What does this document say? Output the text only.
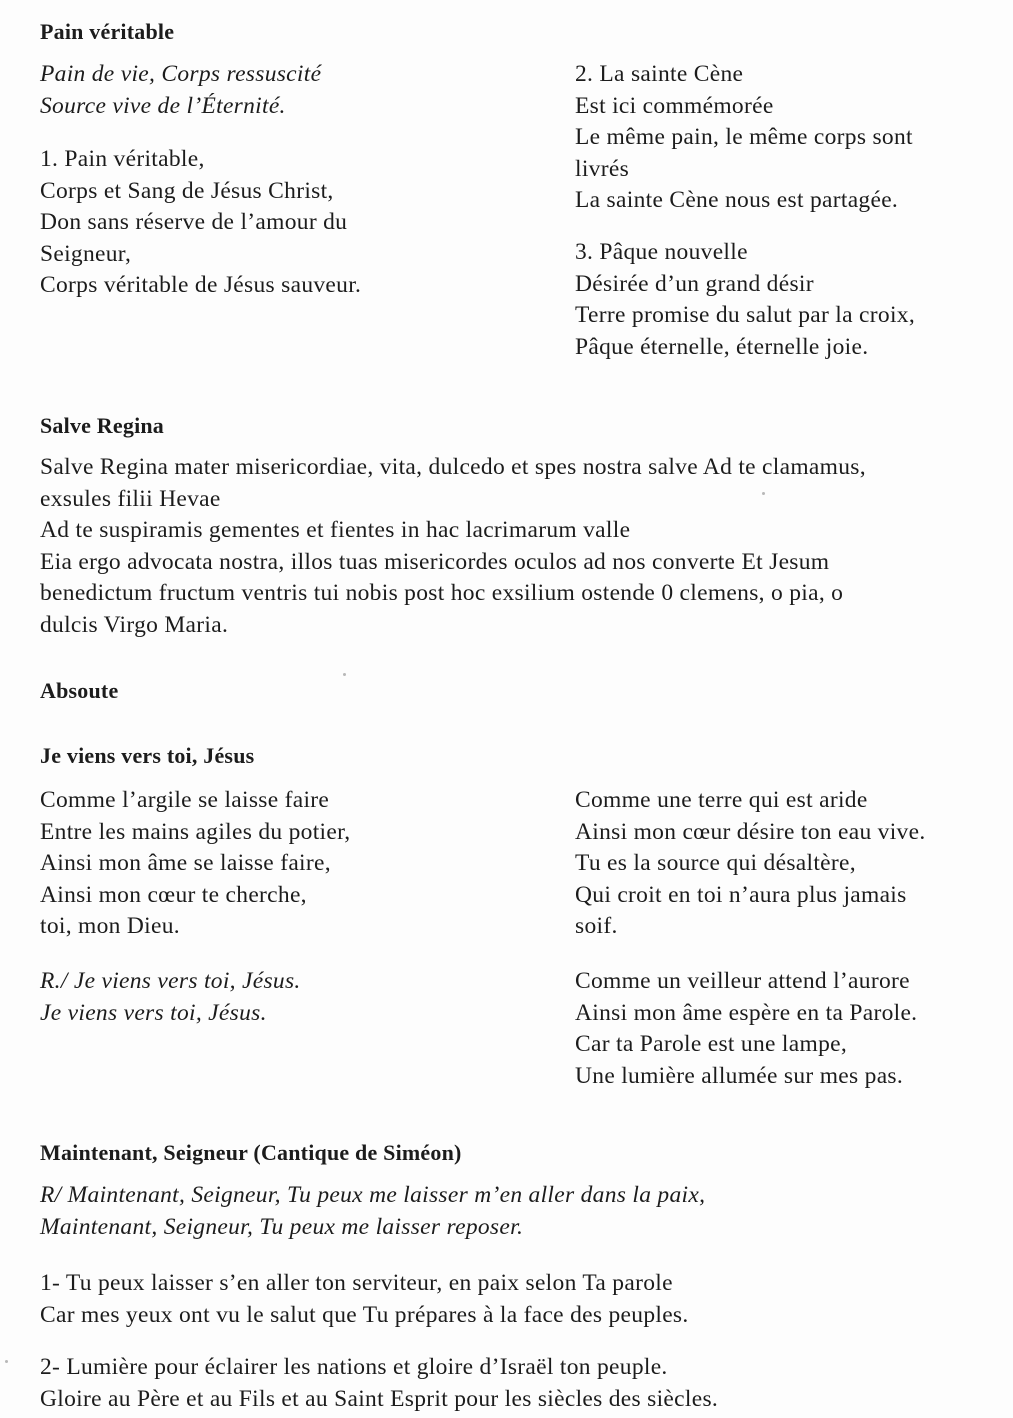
Pain véritable
Pain de vie, Corps ressuscité
Source vive de l’Éternité.
1. Pain véritable,
Corps et Sang de Jésus Christ,
Don sans réserve de l’amour du
Seigneur,
Corps véritable de Jésus sauveur.
2. La sainte Cène
Est ici commémorée
Le même pain, le même corps sont
livrés
La sainte Cène nous est partagée.
3. Pâque nouvelle
Désirée d’un grand désir
Terre promise du salut par la croix,
Pâque éternelle, éternelle joie.
Salve Regina
Salve Regina mater misericordiae, vita, dulcedo et spes nostra salve Ad te clamamus,
exsules filii Hevae
Ad te suspiramis gementes et fientes in hac lacrimarum valle
Eia ergo advocata nostra, illos tuas misericordes oculos ad nos converte Et Jesum
benedictum fructum ventris tui nobis post hoc exsilium ostende 0 clemens, o pia, o
dulcis Virgo Maria.
Absoute
Je viens vers toi, Jésus
Comme l’argile se laisse faire
Entre les mains agiles du potier,
Ainsi mon âme se laisse faire,
Ainsi mon cœur te cherche,
toi, mon Dieu.
R./ Je viens vers toi, Jésus.
Je viens vers toi, Jésus.
Comme une terre qui est aride
Ainsi mon cœur désire ton eau vive.
Tu es la source qui désaltère,
Qui croit en toi n’aura plus jamais
soif.
Comme un veilleur attend l’aurore
Ainsi mon âme espère en ta Parole.
Car ta Parole est une lampe,
Une lumière allumée sur mes pas.
Maintenant, Seigneur (Cantique de Siméon)
R/ Maintenant, Seigneur, Tu peux me laisser m’en aller dans la paix,
Maintenant, Seigneur, Tu peux me laisser reposer.
1- Tu peux laisser s’en aller ton serviteur, en paix selon Ta parole
Car mes yeux ont vu le salut que Tu prépares à la face des peuples.
2- Lumière pour éclairer les nations et gloire d’Israël ton peuple.
Gloire au Père et au Fils et au Saint Esprit pour les siècles des siècles.
